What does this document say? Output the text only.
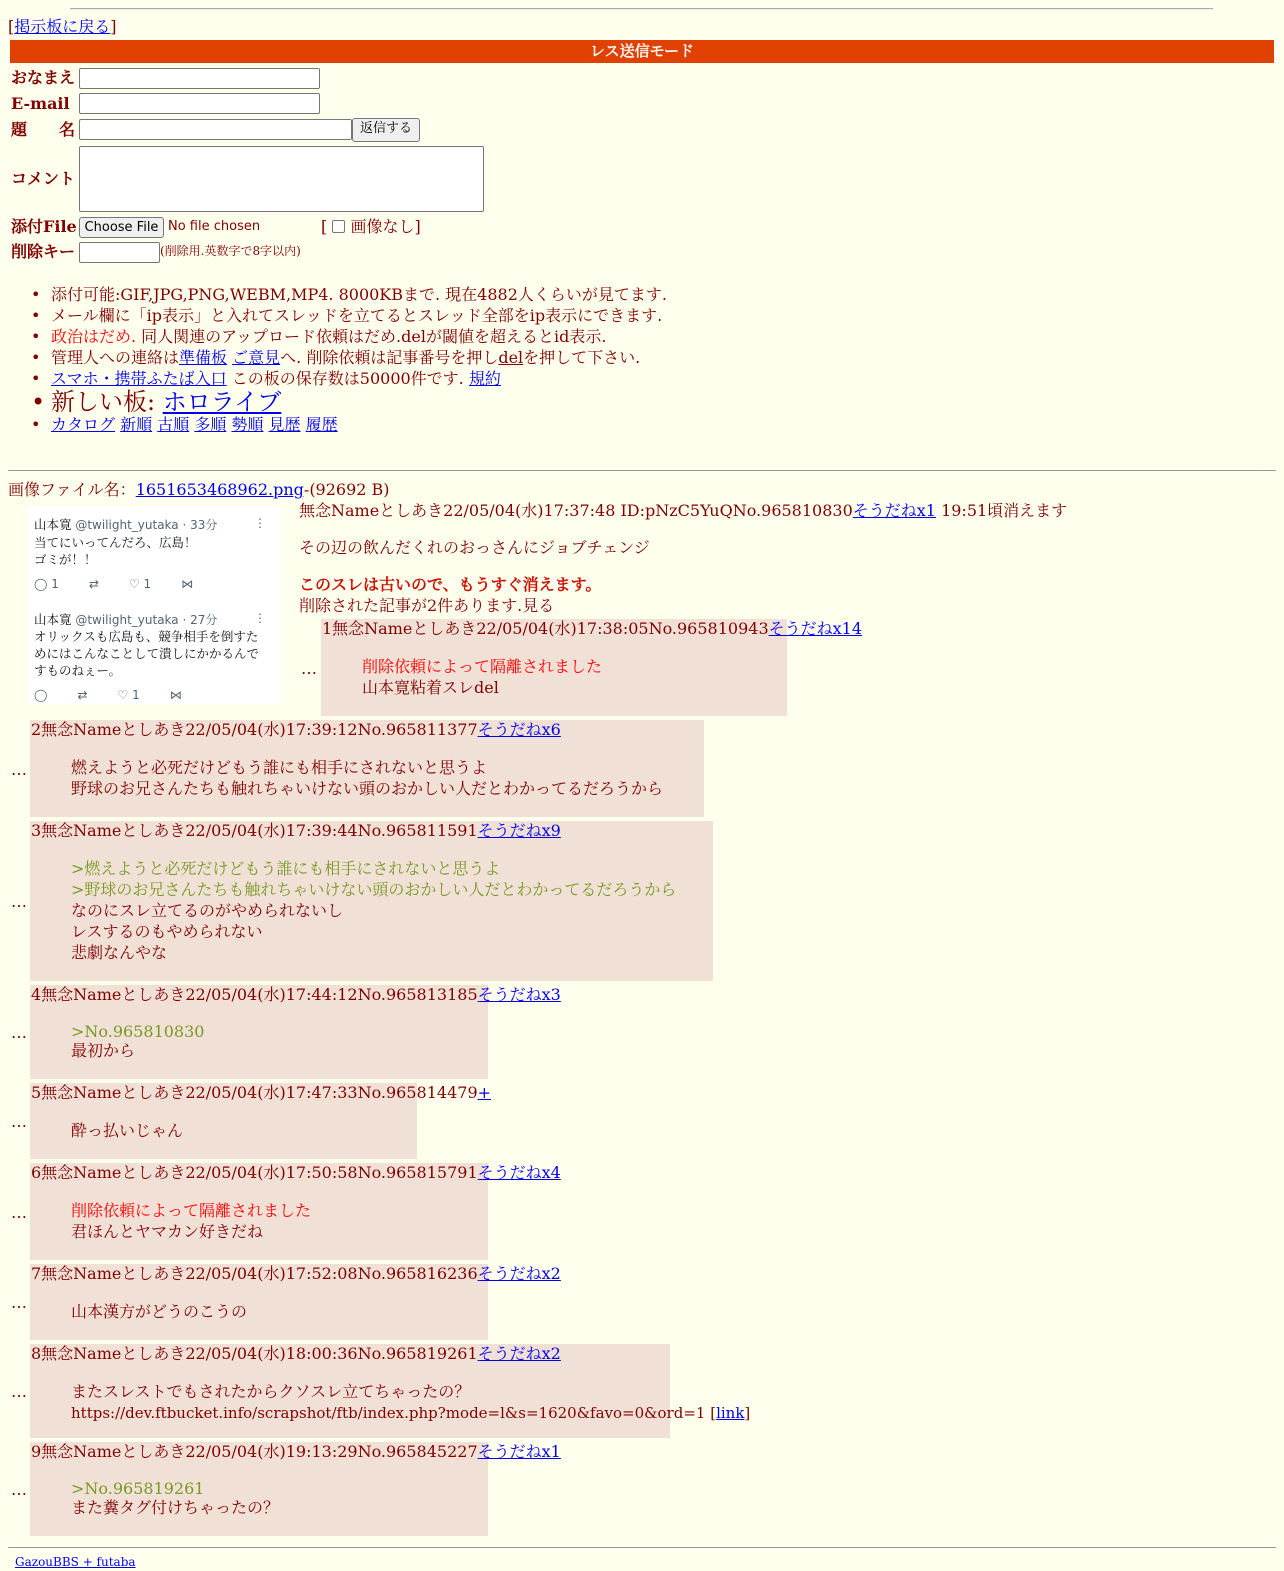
[掲示板に戻る]
レス送信モード
おなまえ
E-mail
題　　名	返信する
コメント
添付File Choose File No file chosen	[ 画像なし]
削除キー	(削除用.英数字で8字以内)
• 添付可能:GIF,JPG,PNG,WEBM,MP4. 8000KBまで. 現在4882人くらいが見てます.
• メール欄に「ip表示」と入れてスレッドを立てるとスレッド全部をip表示にできます.
• 政治はだめ. 同人関連のアップロード依頼はだめ.delが閾値を超えるとid表示.
• 管理人への連絡は準備板 ご意見へ. 削除依頼は記事番号を押しdelを押して下さい.
• スマホ・携帯ふたば入口 この板の保存数は50000件です. 規約
• 新しい板: ホロライブ
• カタログ 新順 古順 多順 勢順 見歴 履歴
画像ファイル名：1651653468962.png-(92692 B)
山本寛 @twilight_yutaka · 33分	⋮
当てにいってんだろ、広島！
ゴミが！！
◯ 1	⇄	♡ 1	⋈
山本寛 @twilight_yutaka · 27分	⋮
オリックスも広島も、競争相手を倒すた
めにはこんなことして潰しにかかるんで
すものねぇー。
◯	⇄	♡ 1	⋈
無念Nameとしあき22/05/04(水)17:37:48 ID:pNzC5YuQNo.965810830そうだねx1 19:51頃消えます
その辺の飲んだくれのおっさんにジョブチェンジ
このスレは古いので、もうすぐ消えます。
削除された記事が2件あります.見る
…
1無念Nameとしあき22/05/04(水)17:38:05No.965810943そうだねx14
削除依頼によって隔離されました
山本寛粘着スレdel
…
2無念Nameとしあき22/05/04(水)17:39:12No.965811377そうだねx6
燃えようと必死だけどもう誰にも相手にされないと思うよ
野球のお兄さんたちも触れちゃいけない頭のおかしい人だとわかってるだろうから
…
3無念Nameとしあき22/05/04(水)17:39:44No.965811591そうだねx9
>燃えようと必死だけどもう誰にも相手にされないと思うよ
>野球のお兄さんたちも触れちゃいけない頭のおかしい人だとわかってるだろうから
なのにスレ立てるのがやめられないし
レスするのもやめられない
悲劇なんやな
…
4無念Nameとしあき22/05/04(水)17:44:12No.965813185そうだねx3
>No.965810830
最初から
…
5無念Nameとしあき22/05/04(水)17:47:33No.965814479+
酔っ払いじゃん
…
6無念Nameとしあき22/05/04(水)17:50:58No.965815791そうだねx4
削除依頼によって隔離されました
君ほんとヤマカン好きだね
…
7無念Nameとしあき22/05/04(水)17:52:08No.965816236そうだねx2
山本漢方がどうのこうの
…
8無念Nameとしあき22/05/04(水)18:00:36No.965819261そうだねx2
またスレストでもされたからクソスレ立てちゃったの？
https://dev.ftbucket.info/scrapshot/ftb/index.php?mode=l&s=1620&favo=0&ord=1 [link]
…
9無念Nameとしあき22/05/04(水)19:13:29No.965845227そうだねx1
>No.965819261
また糞タグ付けちゃったの？
GazouBBS + futaba
